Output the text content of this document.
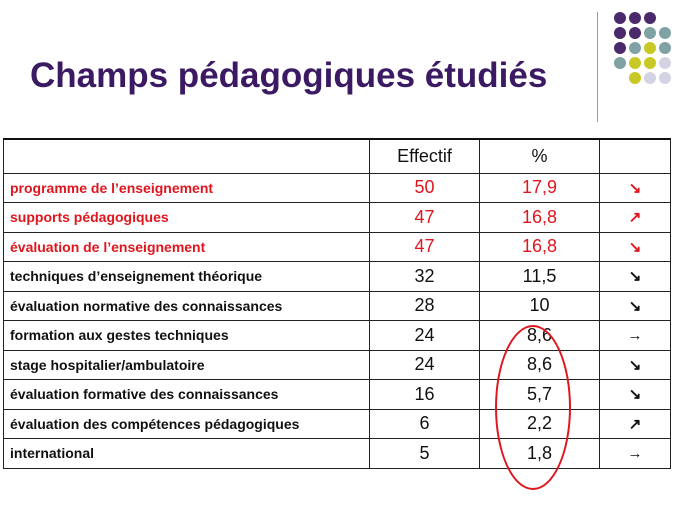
Champs pédagogiques étudiés
	Effectif	%	
programme de l’enseignement	50	17,9	↘
supports pédagogiques	47	16,8	↗
évaluation de l’enseignement	47	16,8	↘
techniques d’enseignement théorique	32	11,5	↘
évaluation normative des connaissances	28	10	↘
formation aux gestes techniques	24	8,6	→
stage hospitalier/ambulatoire	24	8,6	↘
évaluation formative des connaissances	16	5,7	↘
évaluation des compétences pédagogiques	6	2,2	↗
international	5	1,8	→
